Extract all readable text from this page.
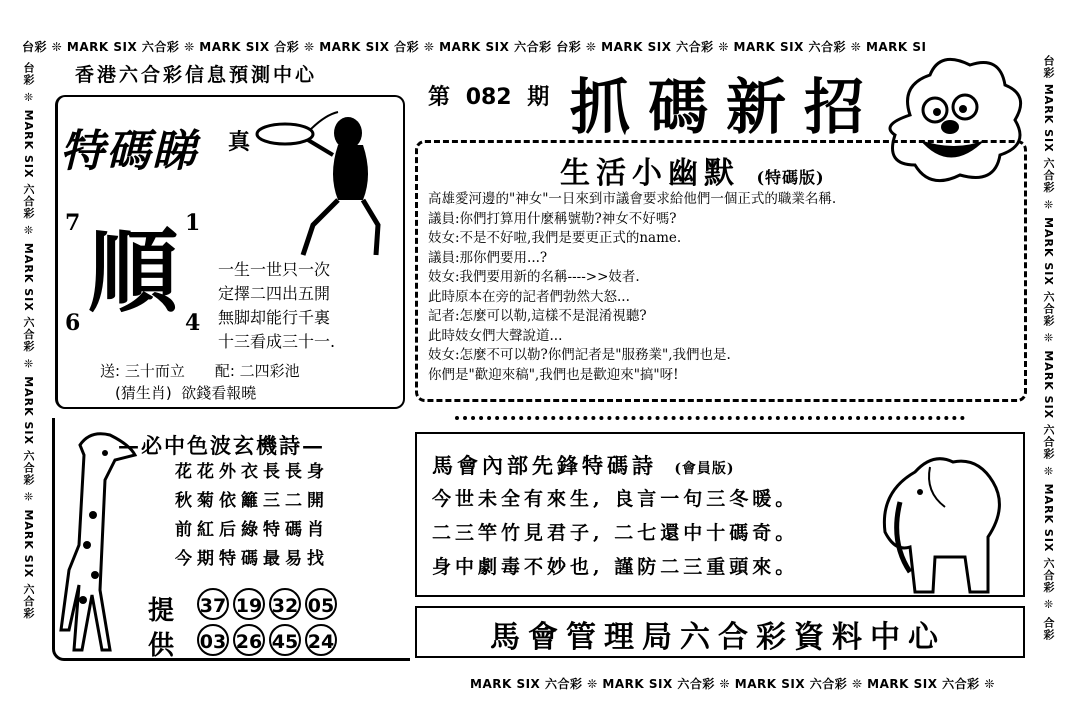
台彩 ❊ MARK SIX 六合彩 ❊ MARK SIX 合彩 ❊ MARK SIX 合彩 ❊ MARK SIX 六合彩 台彩 ❊ MARK SIX 六合彩 ❊ MARK SIX 六合彩 ❊ MARK SI
MARK SIX 六合彩 ❊ MARK SIX 六合彩 ❊ MARK SIX 六合彩 ❊ MARK SIX 六合彩 ❊
台彩 ❊ MARK SIX 六合彩 ❊ MARK SIX 六合彩 ❊ MARK SIX 六合彩 ❊ MARK SIX 六合彩	台彩 MARK SIX 六合彩 ❊ MARK SIX 六合彩 ❊ MARK SIX 六合彩 ❊ MARK SIX 六合彩 ❊ 合彩
香港六合彩信息預測中心
第 082 期 抓碼新招
特碼睇 真
7	1
6	4
順	一生一世只一次
定擇二四出五開
無脚却能行千裏
十三看成三十一.
送: 三十而立　　配: 二四彩池
(猜生肖)  欲錢看報曉
生活小幽默 (特碼版)

高雄愛河邊的"神女"一日來到市議會要求給他們一個正式的職業名稱.

議員:你們打算用什麼稱號勒?神女不好嗎?

妓女:不是不好啦,我們是要更正式的name.

議員:那你們要用...?

妓女:我們要用新的名稱---->>妓者.

此時原本在旁的記者們勃然大怒...

記者:怎麼可以勒,這樣不是混淆視聽?

此時妓女們大聲說道...

妓女:怎麼不可以勒?你們記者是"服務業",我們也是.

你們是"歡迎來稿",我們也是歡迎來"搞"呀!

—必中色波玄機詩—
花花外衣長長身
秋菊依籬三二開
前紅后綠特碼肖
今期特碼最易找
提
供
37 19 32 05
03 26 45 24
馬會內部先鋒特碼詩 (會員版)
今世未全有來生, 良言一句三冬暖。
二三竿竹見君子, 二七還中十碼奇。
身中劇毒不妙也, 謹防二三重頭來。
馬會管理局六合彩資料中心
